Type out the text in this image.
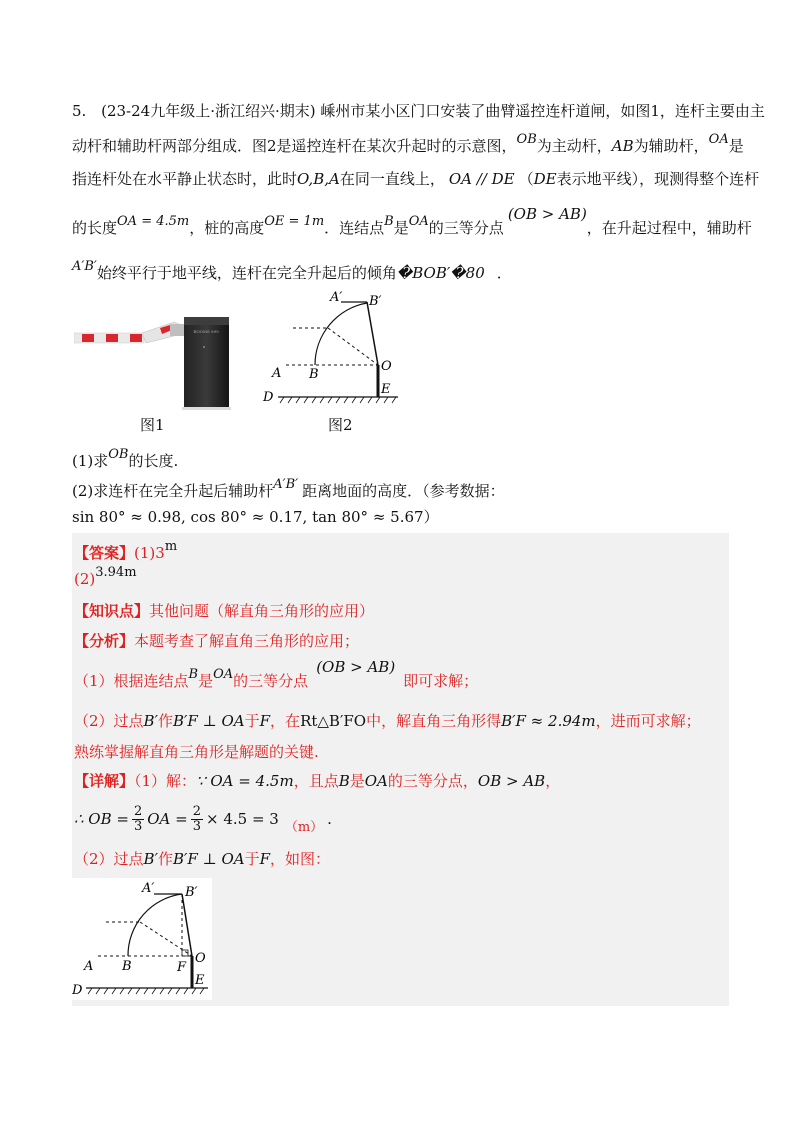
5. (23-24九年级上·浙江绍兴·期末) 嵊州市某小区门口安装了曲臂遥控连杆道闸，如图1，连杆主要由主
动杆和辅助杆两部分组成．图2是遥控连杆在某次升起时的示意图，OB为主动杆，AB为辅助杆，OA是
指连杆处在水平静止状态时，此时O,B,A在同一直线上， OA // DE （DE表示地平线），现测得整个连杆
的长度OA = 4.5m，桩的高度OE = 1m．连结点B是OA的三等分点(OB > AB)，在升起过程中，辅助杆
A′B′始终平行于地平线，连杆在完全升起后的倾角�BOB′�80 ．
ROOMS 999
图1
A′ B′
A B
O
E
D
图2
(1)求OB的长度.
(2)求连杆在完全升起后辅助杆A′B′ 距离地面的高度．（参考数据：
sin 80° ≈ 0.98, cos 80° ≈ 0.17, tan 80° ≈ 5.67）
【答案】(1)3m
(2)3.94m
【知识点】其他问题（解直角三角形的应用）
【分析】本题考查了解直角三角形的应用；
（1）根据连结点B是OA的三等分点(OB > AB)即可求解；
（2）过点B′作B′F ⊥ OA于F，在Rt△B′FO中，解直角三角形得B′F ≈ 2.94m，进而可求解；
熟练掌握解直角三角形是解题的关键.
【详解】（1）解：∵ OA = 4.5m，且点B是OA的三等分点，OB > AB，
∴ OB = $\frac{2}{3}$ OA = $\frac{2}{3} \times 4.5 = 3$ （m） .
（2）过点B′作B′F ⊥ OA于F，如图：
A′ B′
A B	F
O
E
D
